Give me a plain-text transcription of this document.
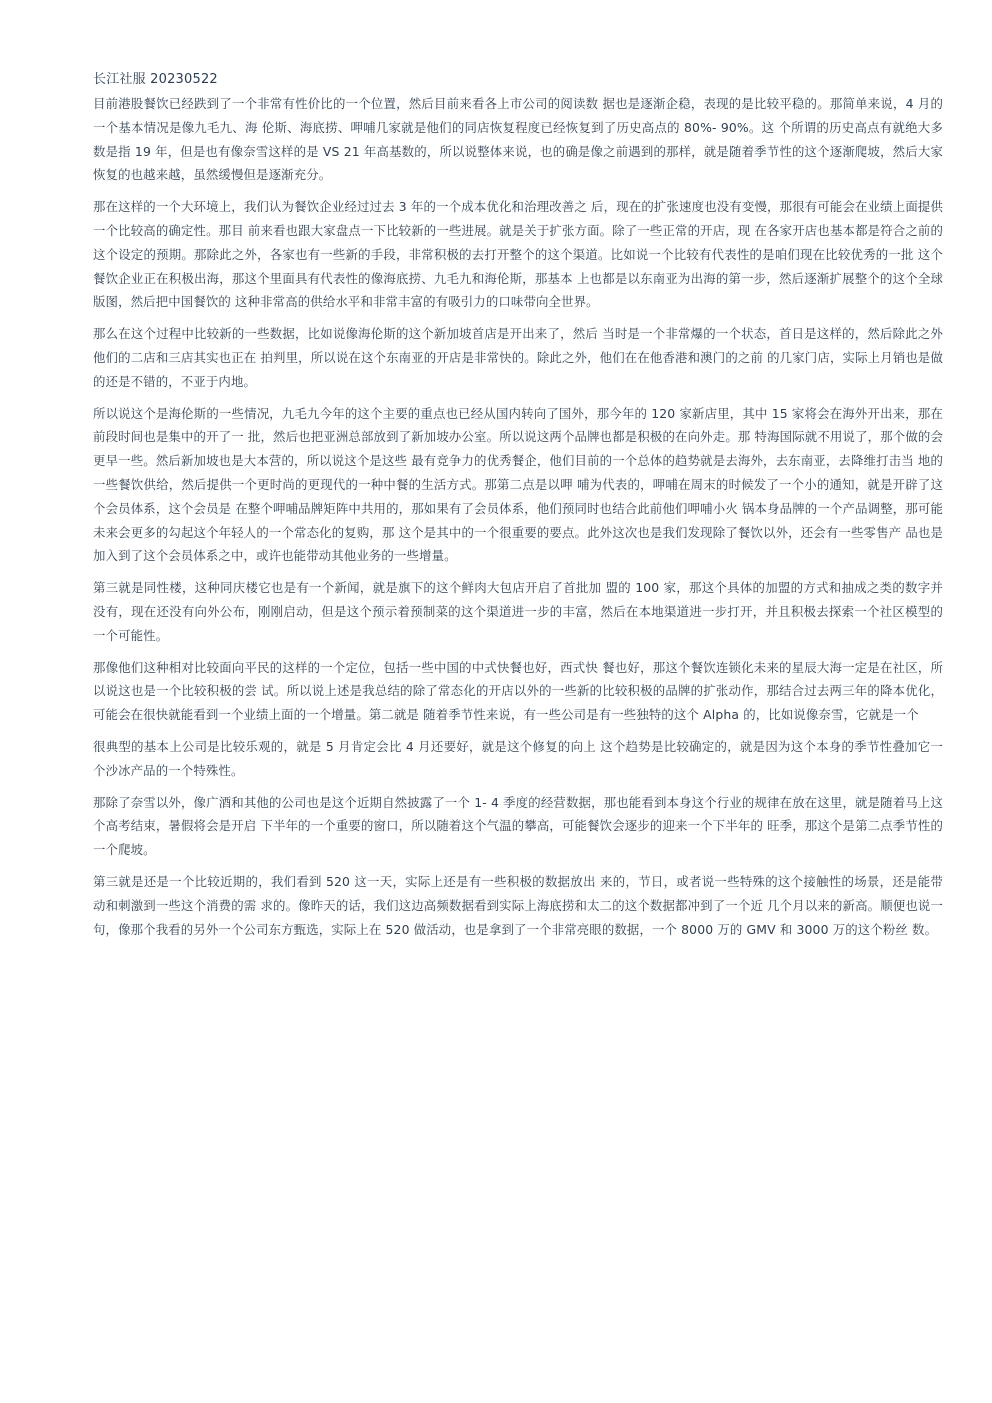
长江社服 20230522

目前港股餐饮已经跌到了一个非常有性价比的一个位置，然后目前来看各上市公司的阅读数 据也是逐渐企稳，表现的是比较平稳的。那简单来说，4 月的一个基本情况是像九毛九、海 伦斯、海底捞、呷哺几家就是他们的同店恢复程度已经恢复到了历史高点的 80%- 90%。这 个所谓的历史高点有就绝大多数是指 19 年，但是也有像奈雪这样的是 VS 21 年高基数的，所以说整体来说，也的确是像之前遇到的那样，就是随着季节性的这个逐渐爬坡，然后大家 恢复的也越来越，虽然缓慢但是逐渐充分。

那在这样的一个大环境上，我们认为餐饮企业经过过去 3 年的一个成本优化和治理改善之 后，现在的扩张速度也没有变慢，那很有可能会在业绩上面提供一个比较高的确定性。那目 前来看也跟大家盘点一下比较新的一些进展。就是关于扩张方面。除了一些正常的开店，现 在各家开店也基本都是符合之前的这个设定的预期。那除此之外，各家也有一些新的手段，非常积极的去打开整个的这个渠道。比如说一个比较有代表性的是咱们现在比较优秀的一批 这个餐饮企业正在积极出海，那这个里面具有代表性的像海底捞、九毛九和海伦斯，那基本 上也都是以东南亚为出海的第一步，然后逐渐扩展整个的这个全球版图，然后把中国餐饮的 这种非常高的供给水平和非常丰富的有吸引力的口味带向全世界。

那么在这个过程中比较新的一些数据，比如说像海伦斯的这个新加坡首店是开出来了，然后 当时是一个非常爆的一个状态，首日是这样的，然后除此之外他们的二店和三店其实也正在 拍判里，所以说在这个东南亚的开店是非常快的。除此之外，他们在在他香港和澳门的之前 的几家门店，实际上月销也是做的还是不错的，不亚于内地。

所以说这个是海伦斯的一些情况，九毛九今年的这个主要的重点也已经从国内转向了国外，那今年的 120 家新店里，其中 15 家将会在海外开出来，那在前段时间也是集中的开了一 批，然后也把亚洲总部放到了新加坡办公室。所以说这两个品牌也都是积极的在向外走。那 特海国际就不用说了，那个做的会更早一些。然后新加坡也是大本营的，所以说这个是这些 最有竞争力的优秀餐企，他们目前的一个总体的趋势就是去海外，去东南亚，去降维打击当 地的一些餐饮供给，然后提供一个更时尚的更现代的一种中餐的生活方式。那第二点是以呷 哺为代表的，呷哺在周末的时候发了一个小的通知，就是开辟了这个会员体系，这个会员是 在整个呷哺品牌矩阵中共用的，那如果有了会员体系，他们预同时也结合此前他们呷哺小火 锅本身品牌的一个产品调整，那可能未来会更多的勾起这个年轻人的一个常态化的复购，那 这个是其中的一个很重要的要点。此外这次也是我们发现除了餐饮以外，还会有一些零售产 品也是加入到了这个会员体系之中，或许也能带动其他业务的一些增量。

第三就是同性楼，这种同庆楼它也是有一个新闻，就是旗下的这个鲜肉大包店开启了首批加 盟的 100 家，那这个具体的加盟的方式和抽成之类的数字并没有，现在还没有向外公布，刚刚启动，但是这个预示着预制菜的这个渠道进一步的丰富，然后在本地渠道进一步打开，并且积极去探索一个社区模型的一个可能性。

那像他们这种相对比较面向平民的这样的一个定位，包括一些中国的中式快餐也好，西式快 餐也好，那这个餐饮连锁化未来的星辰大海一定是在社区，所以说这也是一个比较积极的尝 试。所以说上述是我总结的除了常态化的开店以外的一些新的比较积极的品牌的扩张动作，那结合过去两三年的降本优化，可能会在很快就能看到一个业绩上面的一个增量。第二就是 随着季节性来说，有一些公司是有一些独特的这个 Alpha 的，比如说像奈雪，它就是一个

很典型的基本上公司是比较乐观的，就是 5 月肯定会比 4 月还要好，就是这个修复的向上 这个趋势是比较确定的，就是因为这个本身的季节性叠加它一个沙冰产品的一个特殊性。

那除了奈雪以外，像广酒和其他的公司也是这个近期自然披露了一个 1- 4 季度的经营数据，那也能看到本身这个行业的规律在放在这里，就是随着马上这个高考结束，暑假将会是开启 下半年的一个重要的窗口，所以随着这个气温的攀高，可能餐饮会逐步的迎来一个下半年的 旺季，那这个是第二点季节性的一个爬坡。

第三就是还是一个比较近期的，我们看到 520 这一天，实际上还是有一些积极的数据放出 来的，节日，或者说一些特殊的这个接触性的场景，还是能带动和刺激到一些这个消费的需 求的。像昨天的话，我们这边高频数据看到实际上海底捞和太二的这个数据都冲到了一个近 几个月以来的新高。顺便也说一句，像那个我看的另外一个公司东方甄选，实际上在 520 做活动，也是拿到了一个非常亮眼的数据，一个 8000 万的 GMV 和 3000 万的这个粉丝 数。
